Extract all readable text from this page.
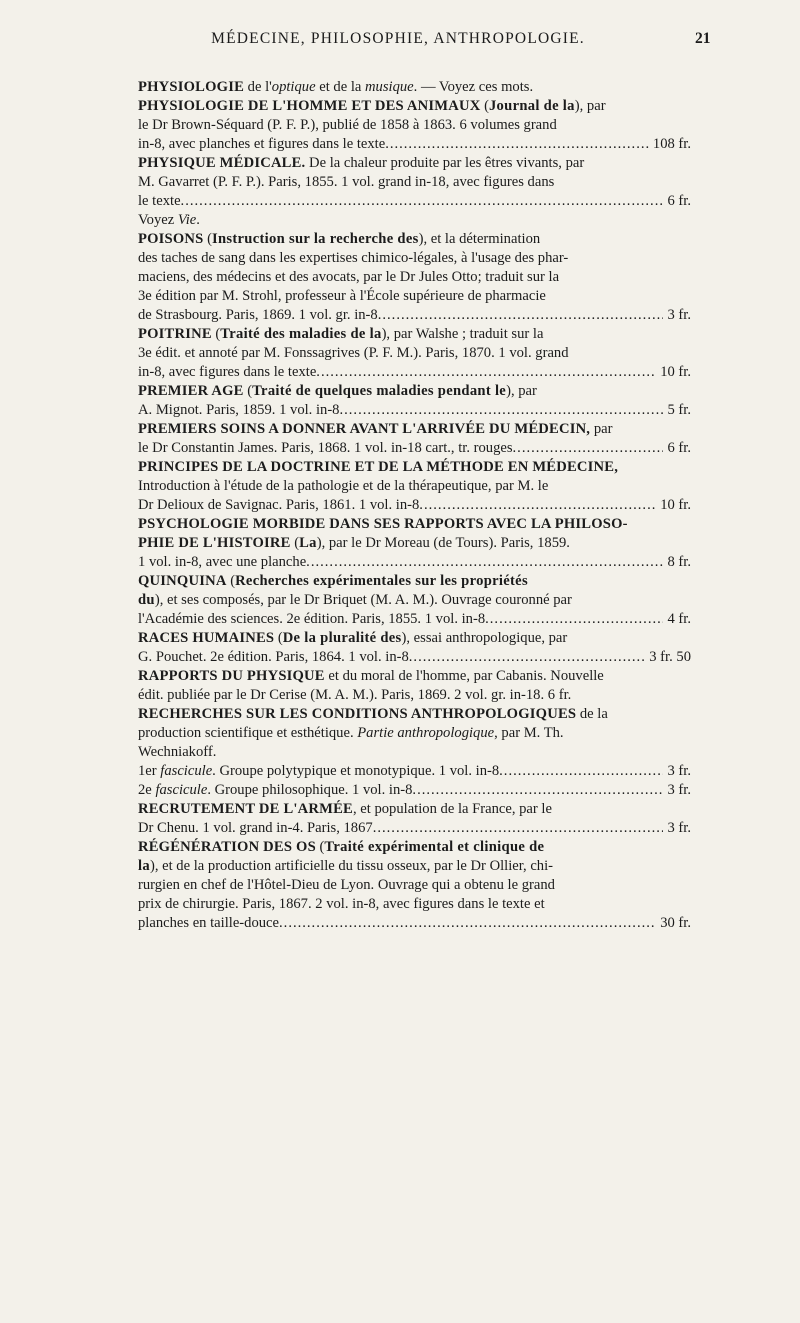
MÉDECINE, PHILOSOPHIE, ANTHROPOLOGIE.	21
PHYSIOLOGIE de l'optique et de la musique. — Voyez ces mots.
PHYSIOLOGIE DE L'HOMME ET DES ANIMAUX (Journal de la), par
le Dr Brown-Séquard (P. F. P.), publié de 1858 à 1863. 6 volumes grand
in-8, avec planches et figures dans le texte .....	108 fr.
PHYSIQUE MÉDICALE. De la chaleur produite par les êtres vivants, par
M. Gavarret (P. F. P.). Paris, 1855. 1 vol. grand in-18, avec figures dans
le texte .....	6 fr.
Voyez Vie.
POISONS (Instruction sur la recherche des), et la détermination
des taches de sang dans les expertises chimico-légales, à l'usage des phar-
maciens, des médecins et des avocats, par le Dr Jules Otto; traduit sur la
3e édition par M. Strohl, professeur à l'École supérieure de pharmacie
de Strasbourg. Paris, 1869. 1 vol. gr. in-8 .....	3 fr.
POITRINE (Traité des maladies de la), par Walshe ; traduit sur la
3e édit. et annoté par M. Fonssagrives (P. F. M.). Paris, 1870. 1 vol. grand
in-8, avec figures dans le texte .....	10 fr.
PREMIER AGE (Traité de quelques maladies pendant le), par
A. Mignot. Paris, 1859. 1 vol. in-8 .....	5 fr.
PREMIERS SOINS A DONNER AVANT L'ARRIVÉE DU MÉDECIN, par
le Dr Constantin James. Paris, 1868. 1 vol. in-18 cart., tr. rouges .....	6 fr.
PRINCIPES DE LA DOCTRINE ET DE LA MÉTHODE EN MÉDECINE,
Introduction à l'étude de la pathologie et de la thérapeutique, par M. le
Dr Delioux de Savignac. Paris, 1861. 1 vol. in-8 .....	10 fr.
PSYCHOLOGIE MORBIDE DANS SES RAPPORTS AVEC LA PHILOSO-
PHIE DE L'HISTOIRE (La), par le Dr Moreau (de Tours). Paris, 1859.
1 vol. in-8, avec une planche .....	8 fr.
QUINQUINA (Recherches expérimentales sur les propriétés
du), et ses composés, par le Dr Briquet (M. A. M.). Ouvrage couronné par
l'Académie des sciences. 2e édition. Paris, 1855. 1 vol. in-8 .....	4 fr.
RACES HUMAINES (De la pluralité des), essai anthropologique, par
G. Pouchet. 2e édition. Paris, 1864. 1 vol. in-8 .....	3 fr. 50
RAPPORTS DU PHYSIQUE et du moral de l'homme, par Cabanis. Nouvelle
édit. publiée par le Dr Cerise (M. A. M.). Paris, 1869. 2 vol. gr. in-18. 6 fr.
RECHERCHES SUR LES CONDITIONS ANTHROPOLOGIQUES de la
production scientifique et esthétique. Partie anthropologique, par M. Th.
Wechniakoff.
1er fascicule. Groupe polytypique et monotypique. 1 vol. in-8 .....	3 fr.
2e fascicule. Groupe philosophique. 1 vol. in-8 .....	3 fr.
RECRUTEMENT DE L'ARMÉE, et population de la France, par le
Dr Chenu. 1 vol. grand in-4. Paris, 1867 .....	3 fr.
RÉGÉNÉRATION DES OS (Traité expérimental et clinique de
la), et de la production artificielle du tissu osseux, par le Dr Ollier, chi-
rurgien en chef de l'Hôtel-Dieu de Lyon. Ouvrage qui a obtenu le grand
prix de chirurgie. Paris, 1867. 2 vol. in-8, avec figures dans le texte et
planches en taille-douce .....	30 fr.
